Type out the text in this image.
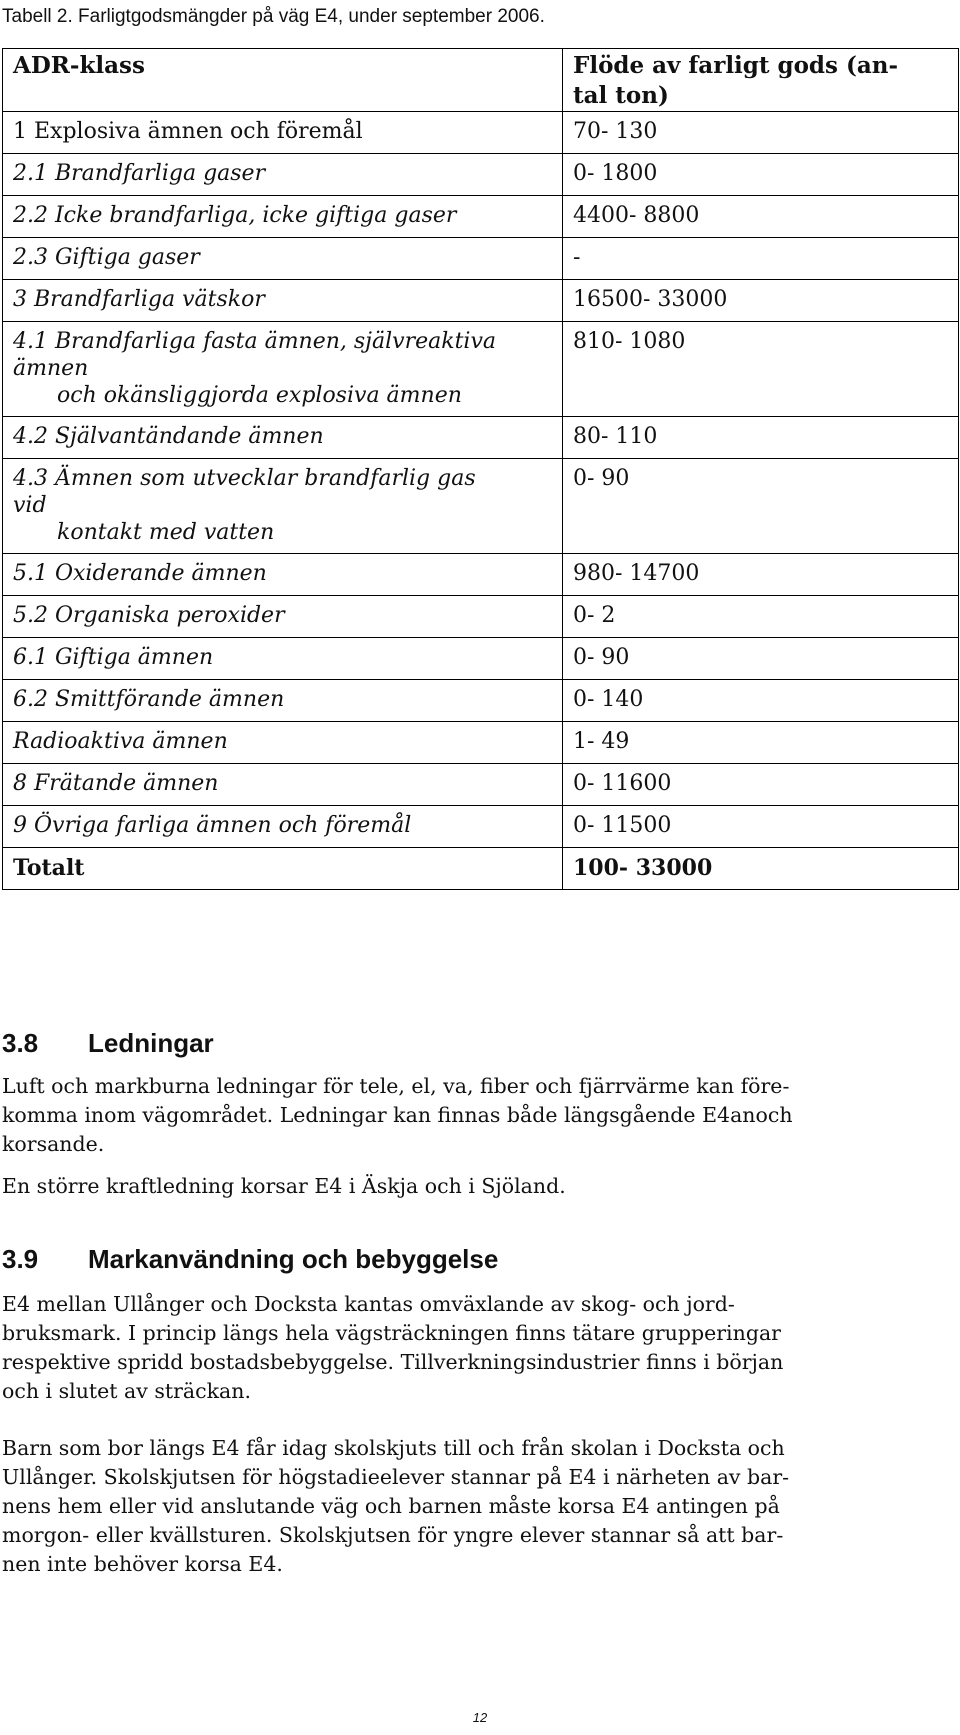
Tabell 2. Farligtgodsmängder på väg E4, under september 2006.
ADR-klass	Flöde av farligt gods (an-
tal ton)
1 Explosiva ämnen och föremål	70- 130
2.1 Brandfarliga gaser	0- 1800
2.2 Icke brandfarliga, icke giftiga gaser	4400- 8800
2.3 Giftiga gaser	-
3 Brandfarliga vätskor	16500- 33000
4.1 Brandfarliga fasta ämnen, självreaktiva
ämnen

och okänsliggjorda explosiva ämnen	810- 1080
4.2 Självantändande ämnen	80- 110
4.3 Ämnen som utvecklar brandfarlig gas
vid

kontakt med vatten	0- 90
5.1 Oxiderande ämnen	980- 14700
5.2 Organiska peroxider	0- 2
6.1 Giftiga ämnen	0- 90
6.2 Smittförande ämnen	0- 140
Radioaktiva ämnen	1- 49
8 Frätande ämnen	0- 11600
9 Övriga farliga ämnen och föremål	0- 11500
Totalt	100- 33000
3.8 Ledningar

Luft och markburna ledningar för tele, el, va, fiber och fjärrvärme kan före-
komma inom vägområdet. Ledningar kan finnas både längsgående E4anoch
korsande.

En större kraftledning korsar E4 i Äskja och i Sjöland.

3.9 Markanvändning och bebyggelse

E4 mellan Ullånger och Docksta kantas omväxlande av skog- och jord-
bruksmark. I princip längs hela vägsträckningen finns tätare grupperingar
respektive spridd bostadsbebyggelse. Tillverkningsindustrier finns i början
och i slutet av sträckan.

Barn som bor längs E4 får idag skolskjuts till och från skolan i Docksta och
Ullånger. Skolskjutsen för högstadieelever stannar på E4 i närheten av bar-
nens hem eller vid anslutande väg och barnen måste korsa E4 antingen på
morgon- eller kvällsturen. Skolskjutsen för yngre elever stannar så att bar-
nen inte behöver korsa E4.

12
